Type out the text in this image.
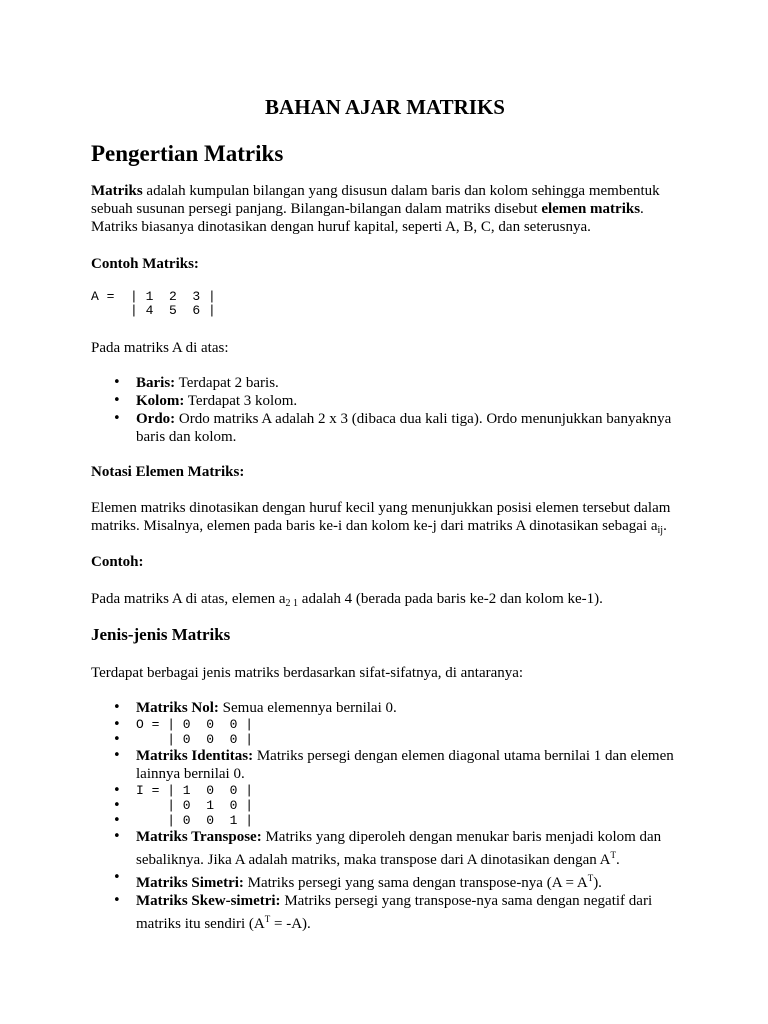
BAHAN AJAR MATRIKS
Pengertian Matriks

Matriks adalah kumpulan bilangan yang disusun dalam baris dan kolom sehingga membentuk sebuah susunan persegi panjang. Bilangan-bilangan dalam matriks disebut elemen matriks. Matriks biasanya dinotasikan dengan huruf kapital, seperti A, B, C, dan seterusnya.

Contoh Matriks:

A =  | 1  2  3 |
| 4  5  6 |

Pada matriks A di atas:

• Baris: Terdapat 2 baris.
• Kolom: Terdapat 3 kolom.
• Ordo: Ordo matriks A adalah 2 x 3 (dibaca dua kali tiga). Ordo menunjukkan banyaknya baris dan kolom.

Notasi Elemen Matriks:

Elemen matriks dinotasikan dengan huruf kecil yang menunjukkan posisi elemen tersebut dalam matriks. Misalnya, elemen pada baris ke-i dan kolom ke-j dari matriks A dinotasikan sebagai $a_{ij}$.

Contoh:

Pada matriks A di atas, elemen $a_{2 1}$ adalah 4 (berada pada baris ke-2 dan kolom ke-1).

Jenis-jenis Matriks

Terdapat berbagai jenis matriks berdasarkan sifat-sifatnya, di antaranya:

• Matriks Nol: Semua elemennya bernilai 0.
• O = | 0  0  0 |
•     | 0  0  0 |
• Matriks Identitas: Matriks persegi dengan elemen diagonal utama bernilai 1 dan elemen lainnya bernilai 0.
• I = | 1  0  0 |
•     | 0  1  0 |
•     | 0  0  1 |
• Matriks Transpose: Matriks yang diperoleh dengan menukar baris menjadi kolom dan sebaliknya. Jika A adalah matriks, maka transpose dari A dinotasikan dengan $A^T$.
• Matriks Simetri: Matriks persegi yang sama dengan transpose-nya $(A = A^T)$.
• Matriks Skew-simetri: Matriks persegi yang transpose-nya sama dengan negatif dari matriks itu sendiri $(A^T = -A)$.
